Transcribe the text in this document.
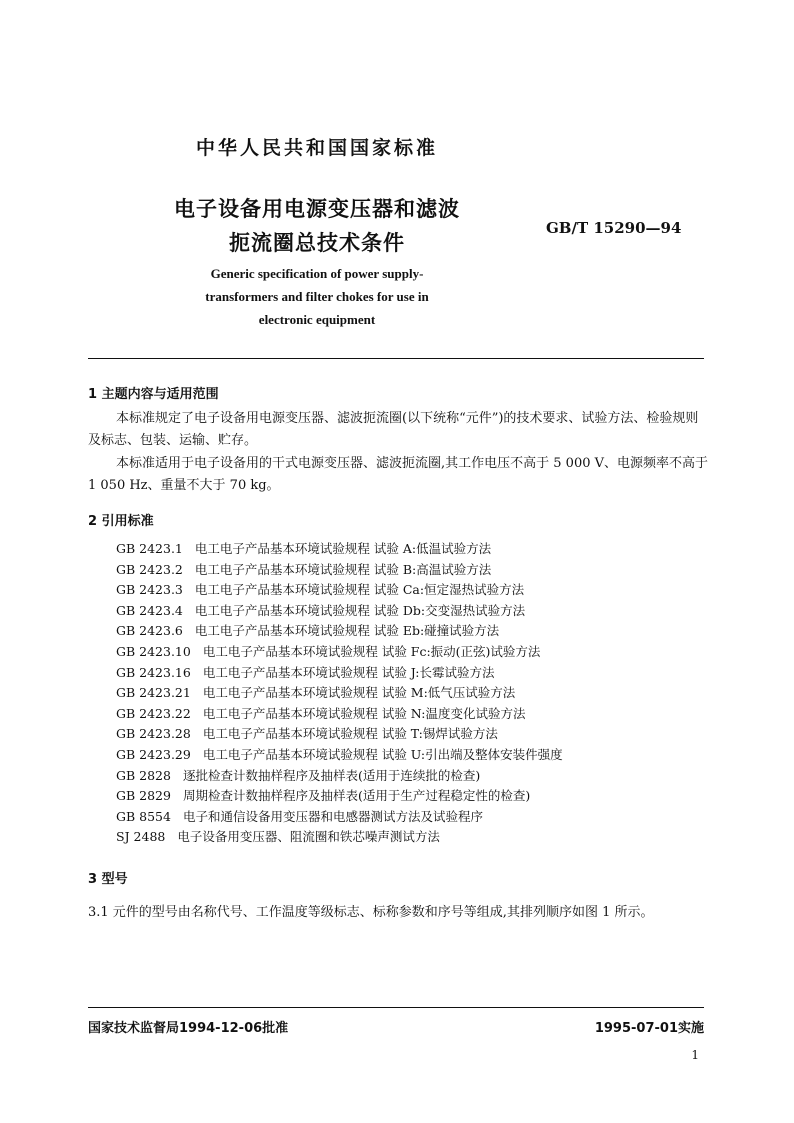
中华人民共和国国家标准
电子设备用电源变压器和滤波
扼流圈总技术条件
GB/T 15290—94
Generic specification of power supply-
transformers and filter chokes for use in
electronic equipment
1 主题内容与适用范围
本标准规定了电子设备用电源变压器、滤波扼流圈(以下统称“元件”)的技术要求、试验方法、检验规则及标志、包装、运输、贮存。
本标准适用于电子设备用的干式电源变压器、滤波扼流圈,其工作电压不高于 5 000 V、电源频率不高于 1 050 Hz、重量不大于 70 kg。
2 引用标准
GB 2423.1 电工电子产品基本环境试验规程 试验 A:低温试验方法
GB 2423.2 电工电子产品基本环境试验规程 试验 B:高温试验方法
GB 2423.3 电工电子产品基本环境试验规程 试验 Ca:恒定湿热试验方法
GB 2423.4 电工电子产品基本环境试验规程 试验 Db:交变湿热试验方法
GB 2423.6 电工电子产品基本环境试验规程 试验 Eb:碰撞试验方法
GB 2423.10 电工电子产品基本环境试验规程 试验 Fc:振动(正弦)试验方法
GB 2423.16 电工电子产品基本环境试验规程 试验 J:长霉试验方法
GB 2423.21 电工电子产品基本环境试验规程 试验 M:低气压试验方法
GB 2423.22 电工电子产品基本环境试验规程 试验 N:温度变化试验方法
GB 2423.28 电工电子产品基本环境试验规程 试验 T:锡焊试验方法
GB 2423.29 电工电子产品基本环境试验规程 试验 U:引出端及整体安装件强度
GB 2828 逐批检查计数抽样程序及抽样表(适用于连续批的检查)
GB 2829 周期检查计数抽样程序及抽样表(适用于生产过程稳定性的检查)
GB 8554 电子和通信设备用变压器和电感器测试方法及试验程序
SJ 2488 电子设备用变压器、阻流圈和铁芯噪声测试方法
3 型号
3.1 元件的型号由名称代号、工作温度等级标志、标称参数和序号等组成,其排列顺序如图 1 所示。
国家技术监督局1994-12-06批准	1995-07-01实施
1
